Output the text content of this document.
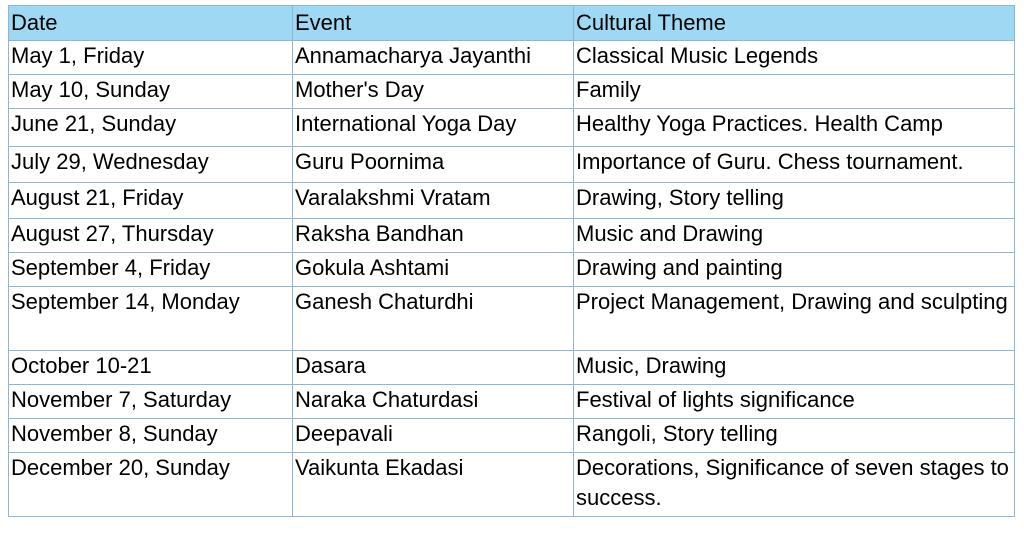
Date	Event	Cultural Theme
May 1, Friday	Annamacharya Jayanthi	Classical Music Legends
May 10, Sunday	Mother's Day	Family
June 21, Sunday	International Yoga Day	Healthy Yoga Practices. Health Camp
July 29, Wednesday	Guru Poornima	Importance of Guru. Chess tournament.
August 21, Friday	Varalakshmi Vratam	Drawing, Story telling
August 27, Thursday	Raksha Bandhan	Music and Drawing
September 4, Friday	Gokula Ashtami	Drawing and painting
September 14, Monday	Ganesh Chaturdhi	Project Management, Drawing and sculpting
October 10-21	Dasara	Music, Drawing
November 7, Saturday	Naraka Chaturdasi	Festival of lights significance
November 8, Sunday	Deepavali	Rangoli, Story telling
December 20, Sunday	Vaikunta Ekadasi	Decorations, Significance of seven stages to success.
